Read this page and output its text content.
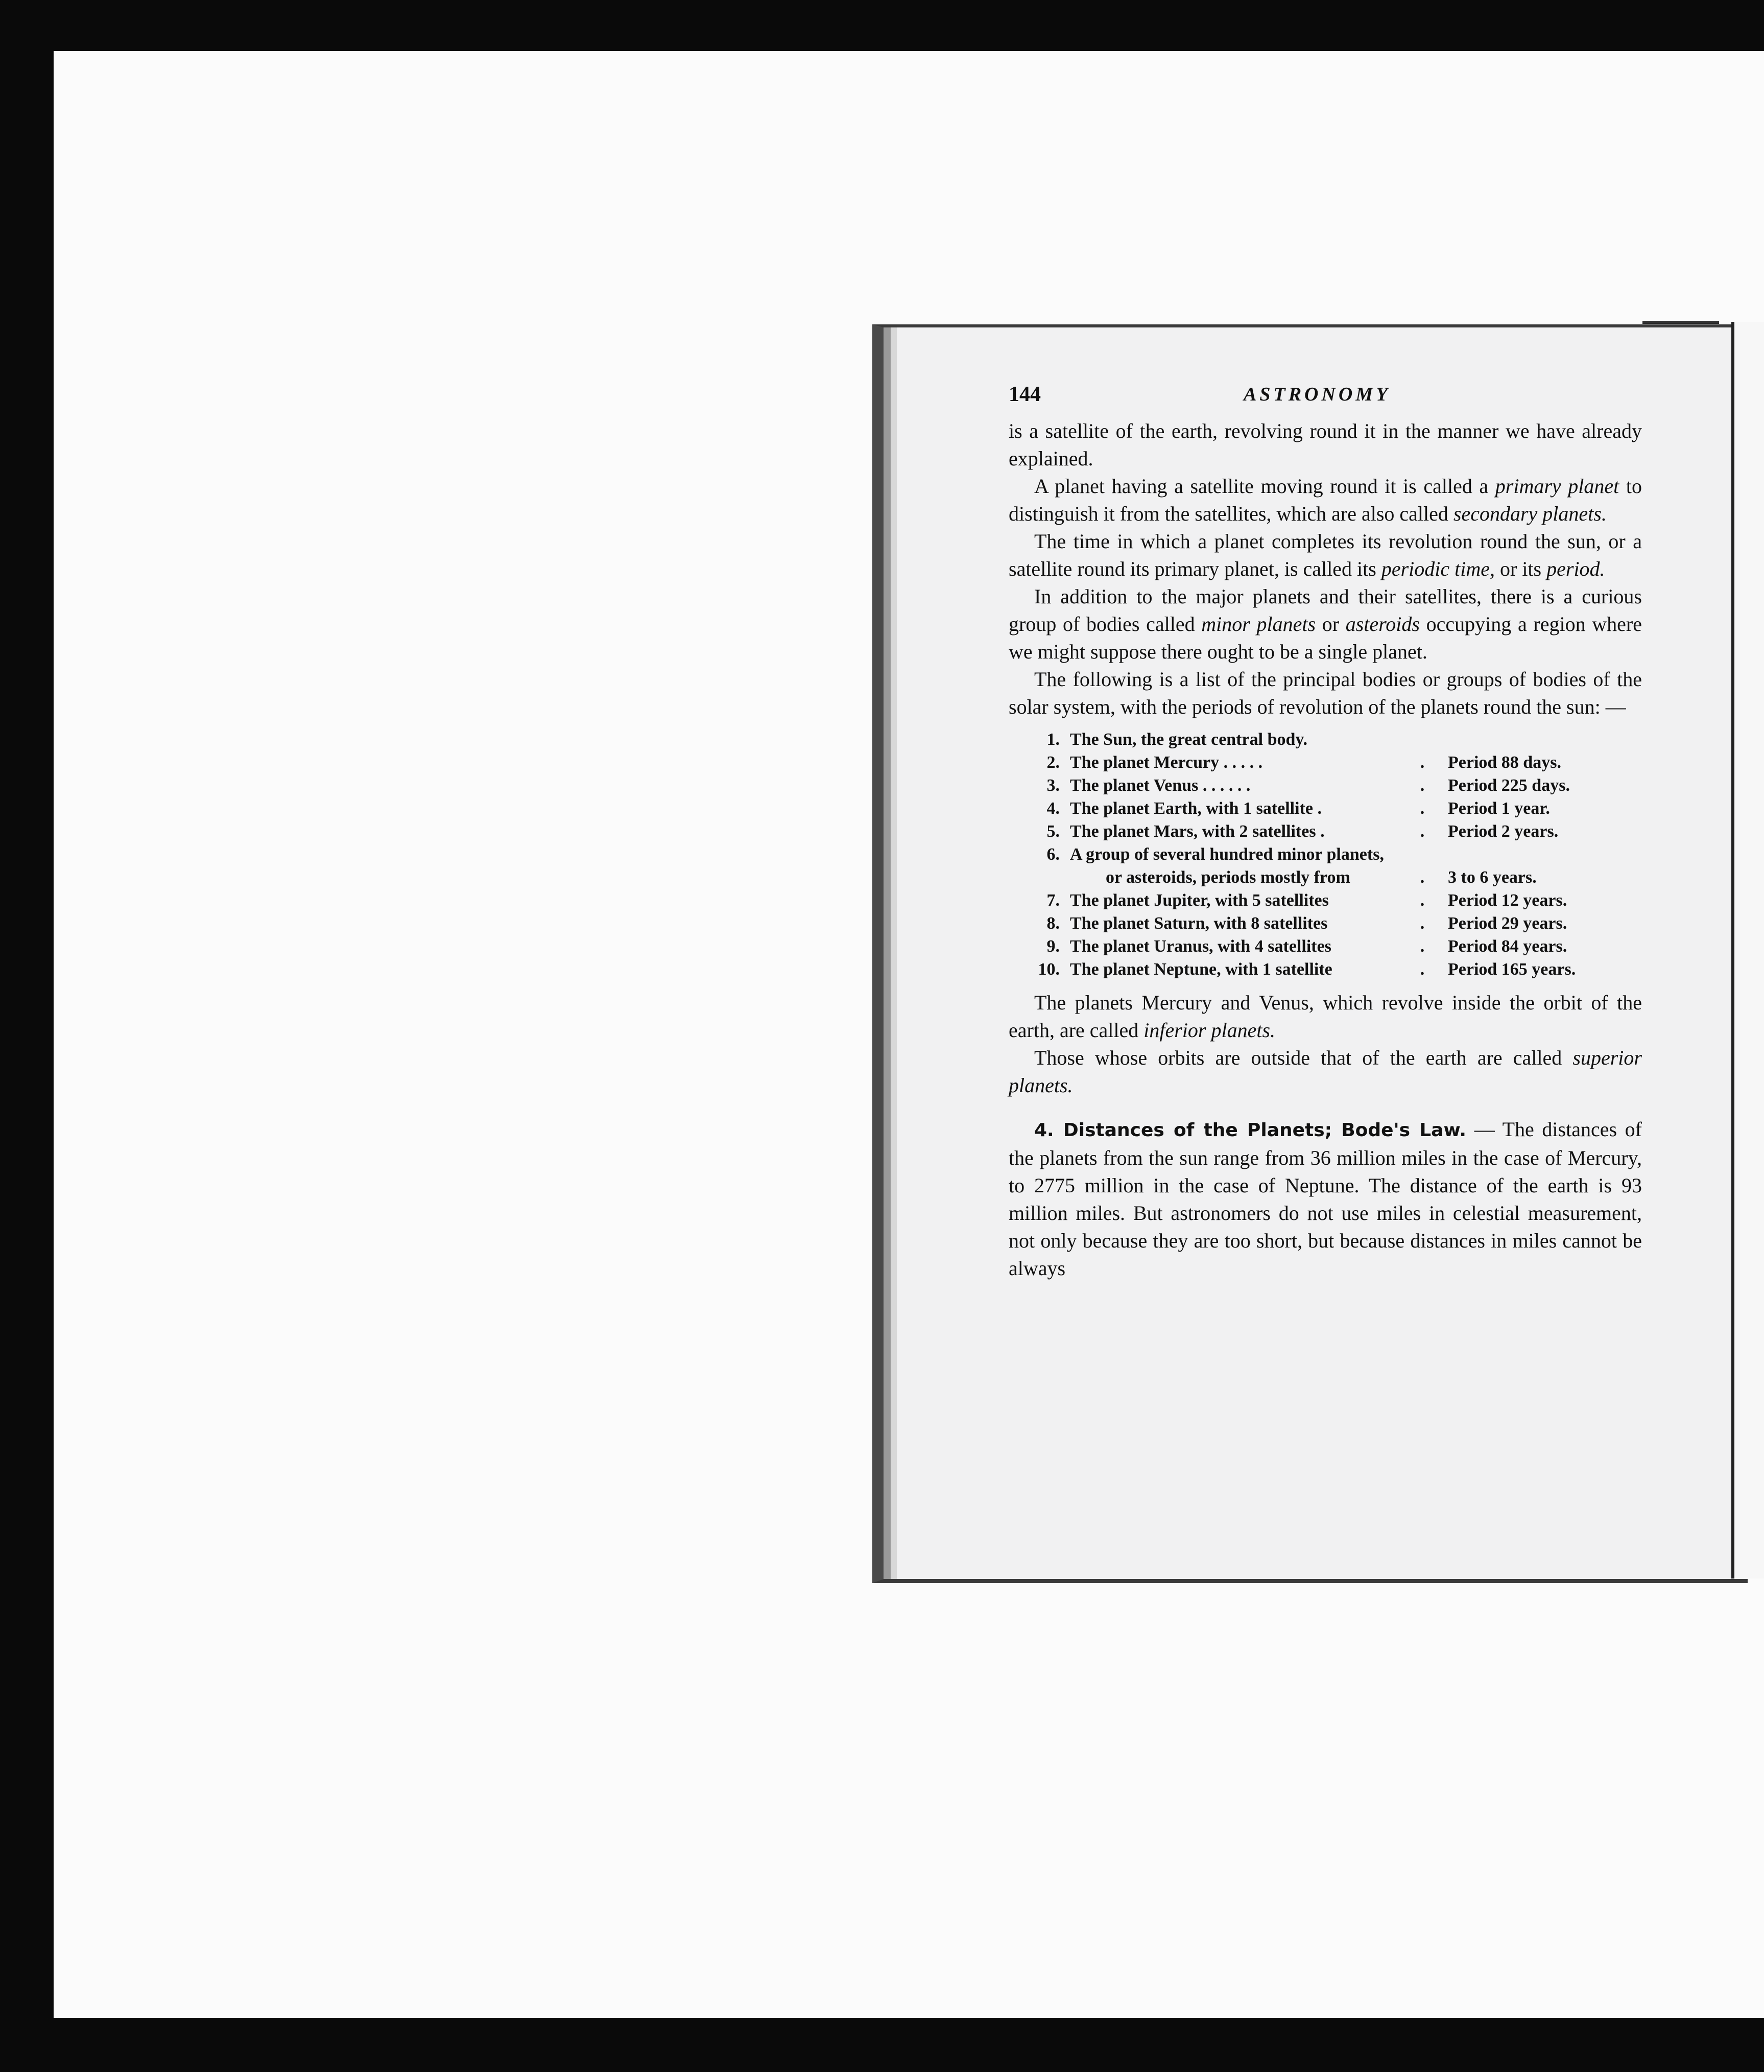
144	ASTRONOMY

is a satellite of the earth, revolving round it in the manner we have already explained.

A planet having a satellite moving round it is called a primary planet to distinguish it from the satellites, which are also called secondary planets.

The time in which a planet completes its revolution round the sun, or a satellite round its primary planet, is called its periodic time, or its period.

In addition to the major planets and their satellites, there is a curious group of bodies called minor planets or asteroids occupying a region where we might suppose there ought to be a single planet.

The following is a list of the principal bodies or groups of bodies of the solar system, with the periods of revolution of the planets round the sun: —

1. The Sun, the great central body.
2. The planet Mercury . . . . .	.	Period 88 days.
3. The planet Venus . . . . . .	.	Period 225 days.
4. The planet Earth, with 1 satellite .	.	Period 1 year.
5. The planet Mars, with 2 satellites .	.	Period 2 years.
6. A group of several hundred minor planets,
or asteroids, periods mostly from	.	3 to 6 years.
7. The planet Jupiter, with 5 satellites	.	Period 12 years.
8. The planet Saturn, with 8 satellites	.	Period 29 years.
9. The planet Uranus, with 4 satellites	.	Period 84 years.
10. The planet Neptune, with 1 satellite	.	Period 165 years.

The planets Mercury and Venus, which revolve inside the orbit of the earth, are called inferior planets.

Those whose orbits are outside that of the earth are called superior planets.

4. Distances of the Planets; Bode's Law. — The distances of the planets from the sun range from 36 million miles in the case of Mercury, to 2775 million in the case of Neptune. The distance of the earth is 93 million miles. But astronomers do not use miles in celestial measurement, not only because they are too short, but because distances in miles cannot be always
